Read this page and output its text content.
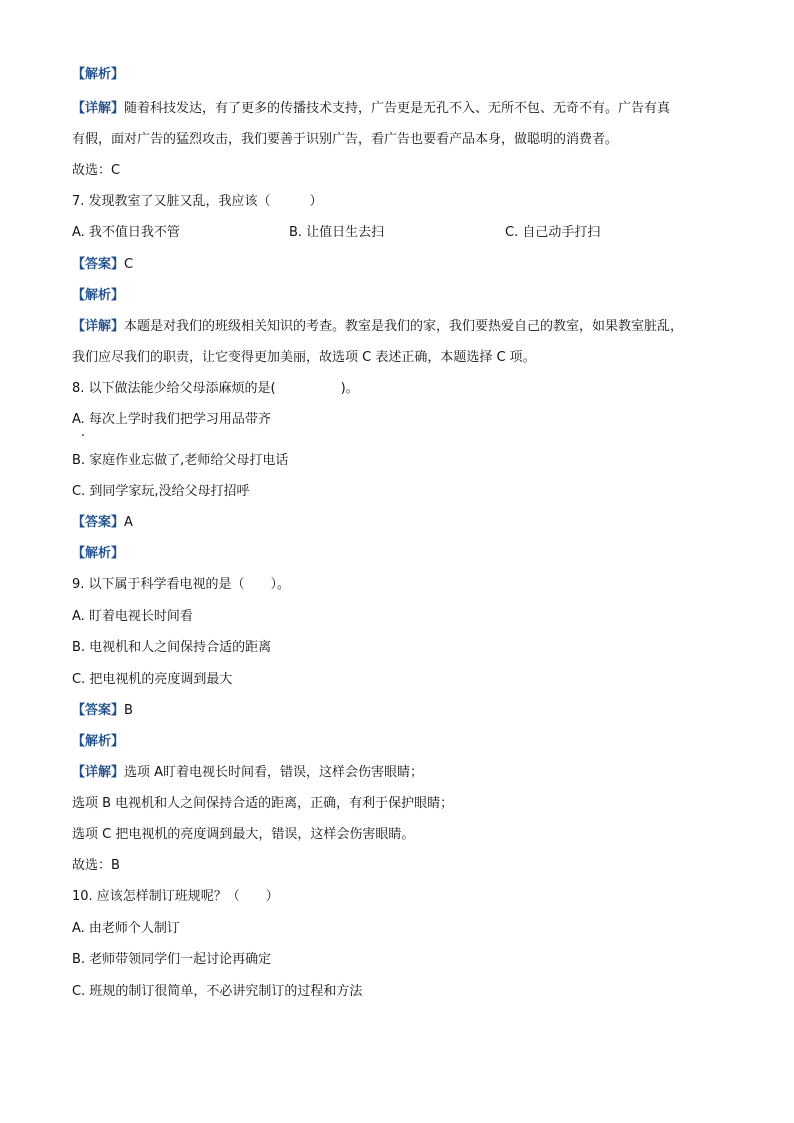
【解析】
【详解】随着科技发达，有了更多的传播技术支持，广告更是无孔不入、无所不包、无奇不有。广告有真
有假，面对广告的猛烈攻击，我们要善于识别广告，看广告也要看产品本身，做聪明的消费者。
故选：C
7. 发现教室了又脏又乱，我应该（　　　）
A. 我不值日我不管	B. 让值日生去扫	C. 自己动手打扫
【答案】C
【解析】
【详解】本题是对我们的班级相关知识的考查。教室是我们的家，我们要热爱自己的教室，如果教室脏乱，
我们应尽我们的职责，让它变得更加美丽，故选项 C 表述正确，本题选择 C 项。
8. 以下做法能少给父母添麻烦的是(　　　　　)。
A. 每次上学时我们把学习用品带齐
B. 家庭作业忘做了,老师给父母打电话
C. 到同学家玩,没给父母打招呼
【答案】A
【解析】
9. 以下属于科学看电视的是（　　）。
A. 盯着电视长时间看
B. 电视机和人之间保持合适的距离
C. 把电视机的亮度调到最大
【答案】B
【解析】
【详解】选项 A盯着电视长时间看，错误，这样会伤害眼睛；
选项 B 电视机和人之间保持合适的距离，正确，有利于保护眼睛；
选项 C 把电视机的亮度调到最大，错误，这样会伤害眼睛。
故选：B
10. 应该怎样制订班规呢？（　　）
A. 由老师个人制订
B. 老师带领同学们一起讨论再确定
C. 班规的制订很简单，不必讲究制订的过程和方法
